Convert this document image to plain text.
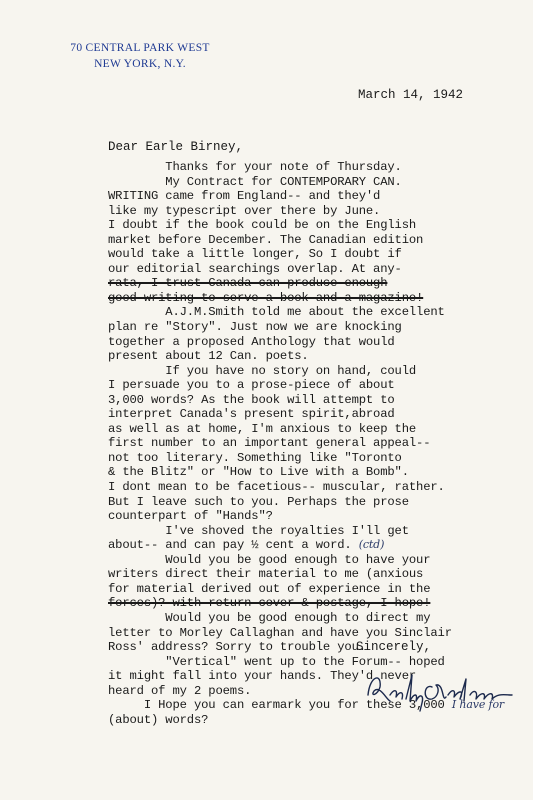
70 CENTRAL PARK WEST
NEW YORK, N.Y.
March 14, 1942
Dear Earle Birney,

Thanks for your note of Thursday.

My Contract for CONTEMPORARY CAN.

WRITING came from England-- and they'd

like my typescript over there by June.

I doubt if the book could be on the English

market before December. The Canadian edition

would take a little longer, So I doubt if

our editorial searchings overlap. At any-

rata, I trust Canada can produce enough

good writing to serve a book and a magazine!

A.J.M.Smith told me about the excellent

plan re "Story". Just now we are knocking

together a proposed Anthology that would

present about 12 Can. poets.

If you have no story on hand, could

I persuade you to a prose-piece of about

3,000 words? As the book will attempt to

interpret Canada's present spirit,abroad

as well as at home, I'm anxious to keep the

first number to an important general appeal--

not too literary. Something like "Toronto

& the Blitz" or "How to Live with a Bomb".

I dont mean to be facetious-- muscular, rather.

But I leave such to you. Perhaps the prose

counterpart of "Hands"?

I've shoved the royalties I'll get

about-- and can pay ½ cent a word. (ctd)

Would you be good enough to have your

writers direct their material to me (anxious

for material derived out of experience in the

forces)? with return cover & postage, I hope!

Would you be good enough to direct my

letter to Morley Callaghan and have you Sinclair

Ross' address? Sorry to trouble you.

"Vertical" went up to the Forum-- hoped

it might fall into your hands. They'd never

heard of my 2 poems.

I Hope you can earmark you for these 3,000 I have for

(about) words?

Sincerely,
